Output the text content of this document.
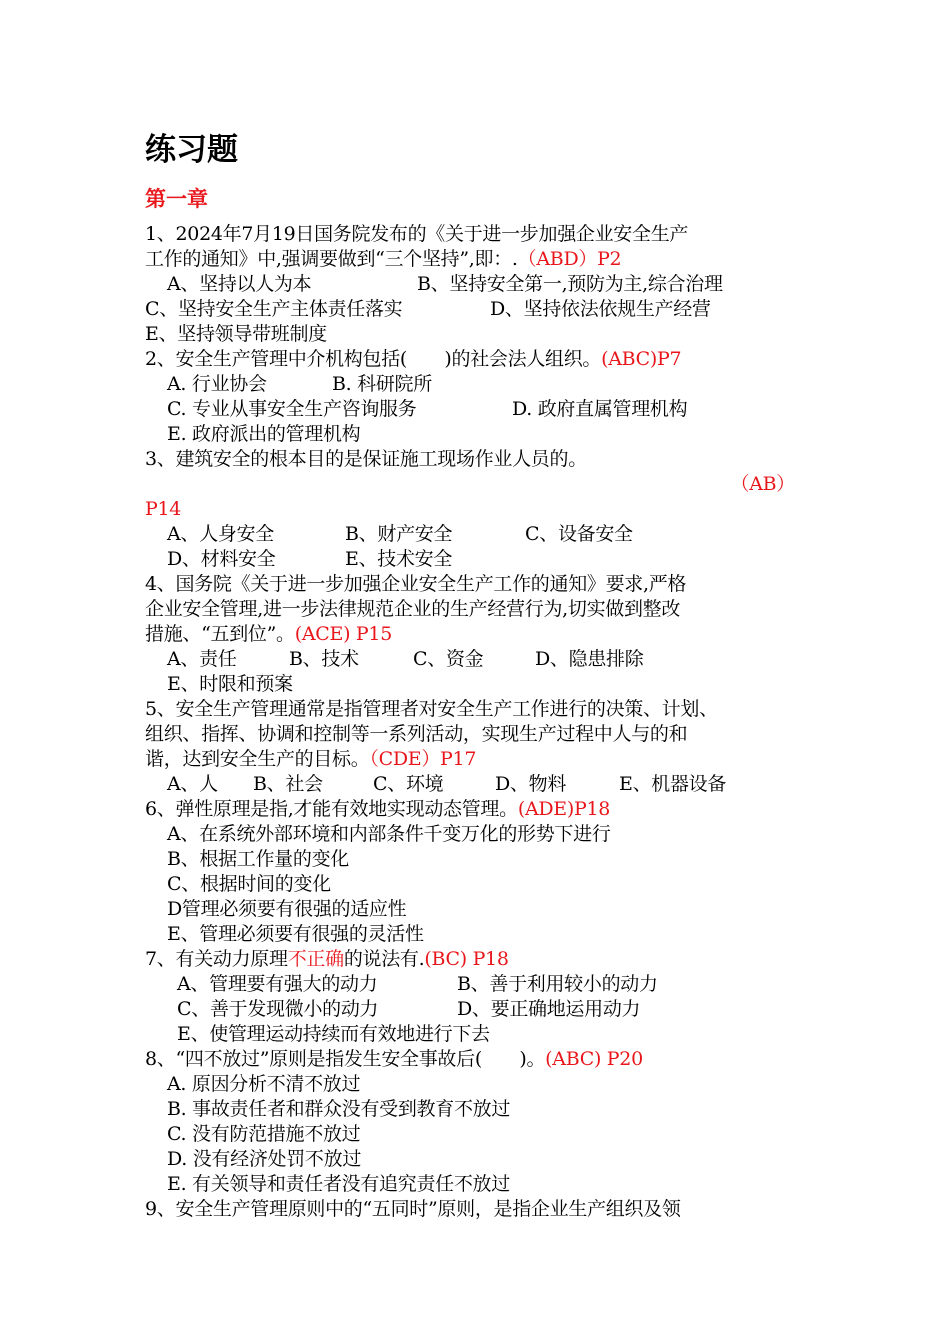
练习题
第一章
1、2024年7月19日国务院发布的《关于进一步加强企业安全生产
工作的通知》中,强调要做到“三个坚持”,即：.（ABD）P2
A、坚持以人为本	B、坚持安全第一,预防为主,综合治理
C、坚持安全生产主体责任落实	D、坚持依法依规生产经营
E、坚持领导带班制度
2、安全生产管理中介机构包括(　　)的社会法人组织。(ABC)P7
A. 行业协会	B. 科研院所
C. 专业从事安全生产咨询服务	D. 政府直属管理机构
E. 政府派出的管理机构
3、建筑安全的根本目的是保证施工现场作业人员的。
（AB）
P14
A、人身安全	B、财产安全	C、设备安全
D、材料安全	E、技术安全
4、国务院《关于进一步加强企业安全生产工作的通知》要求,严格
企业安全管理,进一步法律规范企业的生产经营行为,切实做到整改
措施、“五到位”。(ACE) P15
A、责任	B、技术	C、资金	D、隐患排除
E、时限和预案
5、安全生产管理通常是指管理者对安全生产工作进行的决策、计划、
组织、指挥、协调和控制等一系列活动，实现生产过程中人与的和
谐，达到安全生产的目标。（CDE）P17
A、人 B、社会	C、环境	D、物料	E、机器设备
6、弹性原理是指,才能有效地实现动态管理。(ADE)P18
A、在系统外部环境和内部条件千变万化的形势下进行
B、根据工作量的变化
C、根据时间的变化
D管理必须要有很强的适应性
E、管理必须要有很强的灵活性
7、有关动力原理不正确的说法有.(BC) P18
A、管理要有强大的动力	B、善于利用较小的动力
C、善于发现微小的动力	D、要正确地运用动力
E、使管理运动持续而有效地进行下去
8、“四不放过”原则是指发生安全事故后(　　)。(ABC) P20
A. 原因分析不清不放过
B. 事故责任者和群众没有受到教育不放过
C. 没有防范措施不放过
D. 没有经济处罚不放过
E. 有关领导和责任者没有追究责任不放过
9、安全生产管理原则中的“五同时”原则，是指企业生产组织及领
